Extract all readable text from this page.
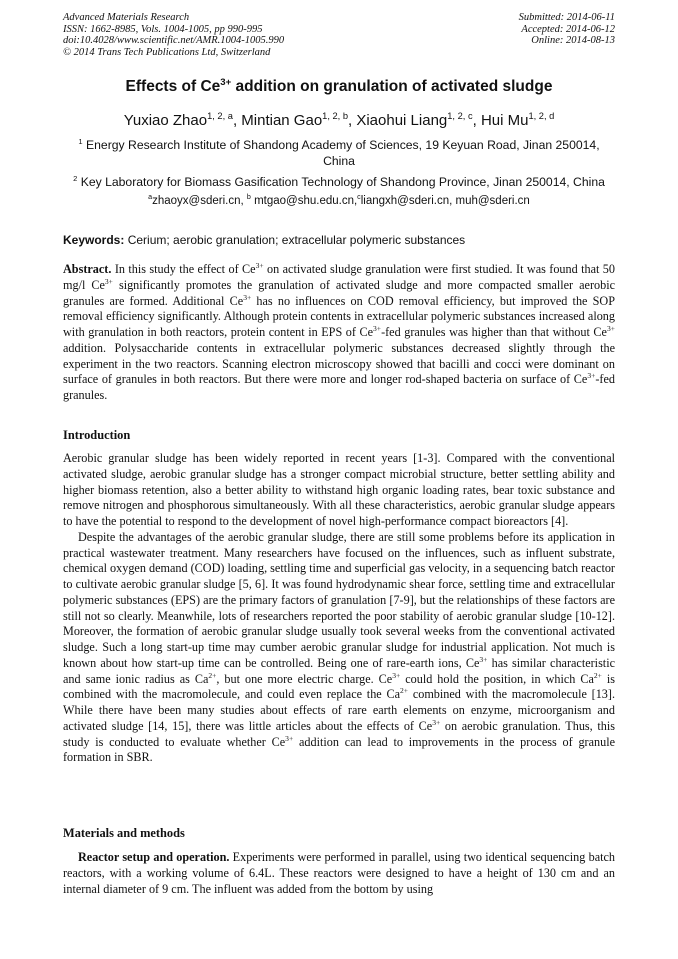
Advanced Materials Research
ISSN: 1662-8985, Vols. 1004-1005, pp 990-995
doi:10.4028/www.scientific.net/AMR.1004-1005.990
© 2014 Trans Tech Publications Ltd, Switzerland
Submitted: 2014-06-11
Accepted: 2014-06-12
Online: 2014-08-13
Effects of $Ce^{3+}$ addition on granulation of activated sludge
Yuxiao Zhao$^{1, 2, a}$, Mintian Gao$^{1, 2, b}$, Xiaohui Liang$^{1, 2, c}$, Hui Mu$^{1, 2, d}$
$^1$ Energy Research Institute of Shandong Academy of Sciences, 19 Keyuan Road, Jinan 250014, China
$^2$ Key Laboratory for Biomass Gasification Technology of Shandong Province, Jinan 250014, China
$^a$zhaoyx@sderi.cn, $^b$ mtgao@shu.edu.cn,$^c$liangxh@sderi.cn, muh@sderi.cn
Keywords: Cerium; aerobic granulation; extracellular polymeric substances

Abstract. In this study the effect of $Ce^{3+}$ on activated sludge granulation were first studied. It was found that 50 mg/l $Ce^{3+}$ significantly promotes the granulation of activated sludge and more compacted smaller aerobic granules are formed. Additional $Ce^{3+}$ has no influences on COD removal efficiency, but improved the SOP removal efficiency significantly. Although protein contents in extracellular polymeric substances increased along with granulation in both reactors, protein content in EPS of $Ce^{3+}$-fed granules was higher than that without $Ce^{3+}$ addition. Polysaccharide contents in extracellular polymeric substances decreased slightly through the experiment in the two reactors. Scanning electron microscopy showed that bacilli and cocci were dominant on surface of granules in both reactors. But there were more and longer rod-shaped bacteria on surface of $Ce^{3+}$-fed granules.

Introduction

Aerobic granular sludge has been widely reported in recent years [1-3]. Compared with the conventional activated sludge, aerobic granular sludge has a stronger compact microbial structure, better settling ability and higher biomass retention, also a better ability to withstand high organic loading rates, bear toxic substance and remove nitrogen and phosphorous simultaneously. With all these characteristics, aerobic granular sludge appears to have the potential to respond to the development of novel high-performance compact bioreactors [4].

Despite the advantages of the aerobic granular sludge, there are still some problems before its application in practical wastewater treatment. Many researchers have focused on the influences, such as influent substrate, chemical oxygen demand (COD) loading, settling time and superficial gas velocity, in a sequencing batch reactor to cultivate aerobic granular sludge [5, 6]. It was found hydrodynamic shear force, settling time and extracellular polymeric substances (EPS) are the primary factors of granulation [7-9], but the relationships of these factors are still not so clearly. Meanwhile, lots of researchers reported the poor stability of aerobic granular sludge [10-12]. Moreover, the formation of aerobic granular sludge usually took several weeks from the conventional activated sludge. Such a long start-up time may cumber aerobic granular sludge for industrial application. Not much is known about how start-up time can be controlled. Being one of rare-earth ions, $Ce^{3+}$ has similar characteristic and same ionic radius as $Ca^{2+}$, but one more electric charge. $Ce^{3+}$ could hold the position, in which $Ca^{2+}$ is combined with the macromolecule, and could even replace the $Ca^{2+}$ combined with the macromolecule [13]. While there have been many studies about effects of rare earth elements on enzyme, microorganism and activated sludge [14, 15], there was little articles about the effects of $Ce^{3+}$ on aerobic granulation. Thus, this study is conducted to evaluate whether $Ce^{3+}$ addition can lead to improvements in the process of granule formation in SBR.

Materials and methods

Reactor setup and operation. Experiments were performed in parallel, using two identical sequencing batch reactors, with a working volume of 6.4L. These reactors were designed to have a height of 130 cm and an internal diameter of 9 cm. The influent was added from the bottom by using
